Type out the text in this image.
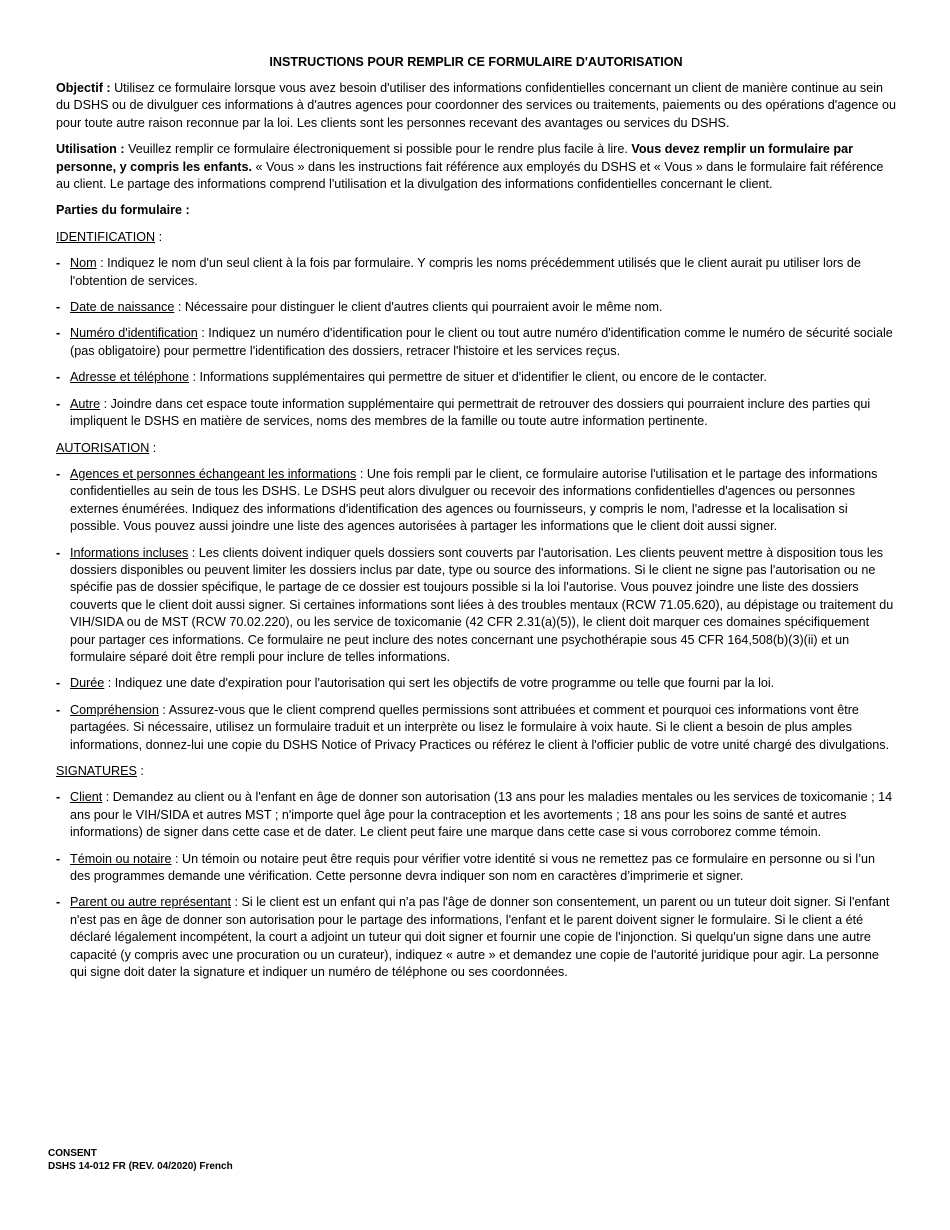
INSTRUCTIONS POUR REMPLIR CE FORMULAIRE D'AUTORISATION

Objectif : Utilisez ce formulaire lorsque vous avez besoin d'utiliser des informations confidentielles concernant un client de manière continue au sein du DSHS ou de divulguer ces informations à d'autres agences pour coordonner des services ou traitements, paiements ou des opérations d'agence ou pour toute autre raison reconnue par la loi. Les clients sont les personnes recevant des avantages ou services du DSHS.

Utilisation : Veuillez remplir ce formulaire électroniquement si possible pour le rendre plus facile à lire. Vous devez remplir un formulaire par personne, y compris les enfants. « Vous » dans les instructions fait référence aux employés du DSHS et « Vous » dans le formulaire fait référence au client. Le partage des informations comprend l'utilisation et la divulgation des informations confidentielles concernant le client.

Parties du formulaire :

IDENTIFICATION :
- Nom : Indiquez le nom d'un seul client à la fois par formulaire. Y compris les noms précédemment utilisés que le client aurait pu utiliser lors de l'obtention de services.
- Date de naissance : Nécessaire pour distinguer le client d'autres clients qui pourraient avoir le même nom.
- Numéro d'identification : Indiquez un numéro d'identification pour le client ou tout autre numéro d'identification comme le numéro de sécurité sociale (pas obligatoire) pour permettre l'identification des dossiers, retracer l'histoire et les services reçus.
- Adresse et téléphone : Informations supplémentaires qui permettre de situer et d'identifier le client, ou encore de le contacter.
- Autre : Joindre dans cet espace toute information supplémentaire qui permettrait de retrouver des dossiers qui pourraient inclure des parties qui impliquent le DSHS en matière de services, noms des membres de la famille ou toute autre information pertinente.
AUTORISATION :
- Agences et personnes échangeant les informations : Une fois rempli par le client, ce formulaire autorise l'utilisation et le partage des informations confidentielles au sein de tous les DSHS. Le DSHS peut alors divulguer ou recevoir des informations confidentielles d'agences ou personnes externes énumérées. Indiquez des informations d'identification des agences ou fournisseurs, y compris le nom, l'adresse et la localisation si possible. Vous pouvez aussi joindre une liste des agences autorisées à partager les informations que le client doit aussi signer.
- Informations incluses : Les clients doivent indiquer quels dossiers sont couverts par l'autorisation. Les clients peuvent mettre à disposition tous les dossiers disponibles ou peuvent limiter les dossiers inclus par date, type ou source des informations. Si le client ne signe pas l'autorisation ou ne spécifie pas de dossier spécifique, le partage de ce dossier est toujours possible si la loi l'autorise. Vous pouvez joindre une liste des dossiers couverts que le client doit aussi signer. Si certaines informations sont liées à des troubles mentaux (RCW 71.05.620), au dépistage ou traitement du VIH/SIDA ou de MST (RCW 70.02.220), ou les service de toxicomanie (42 CFR 2.31(a)(5)), le client doit marquer ces domaines spécifiquement pour partager ces informations. Ce formulaire ne peut inclure des notes concernant une psychothérapie sous 45 CFR 164,508(b)(3)(ii) et un formulaire séparé doit être rempli pour inclure de telles informations.
- Durée : Indiquez une date d'expiration pour l'autorisation qui sert les objectifs de votre programme ou telle que fourni par la loi.
- Compréhension : Assurez-vous que le client comprend quelles permissions sont attribuées et comment et pourquoi ces informations vont être partagées. Si nécessaire, utilisez un formulaire traduit et un interprète ou lisez le formulaire à voix haute. Si le client a besoin de plus amples informations, donnez-lui une copie du DSHS Notice of Privacy Practices ou référez le client à l'officier public de votre unité chargé des divulgations.
SIGNATURES :
- Client : Demandez au client ou à l'enfant en âge de donner son autorisation (13 ans pour les maladies mentales ou les services de toxicomanie ; 14 ans pour le VIH/SIDA et autres MST ; n'importe quel âge pour la contraception et les avortements ; 18 ans pour les soins de santé et autres informations) de signer dans cette case et de dater. Le client peut faire une marque dans cette case si vous corroborez comme témoin.
- Témoin ou notaire : Un témoin ou notaire peut être requis pour vérifier votre identité si vous ne remettez pas ce formulaire en personne ou si l’un des programmes demande une vérification. Cette personne devra indiquer son nom en caractères d’imprimerie et signer.
- Parent ou autre représentant : Si le client est un enfant qui n'a pas l'âge de donner son consentement, un parent ou un tuteur doit signer. Si l'enfant n'est pas en âge de donner son autorisation pour le partage des informations, l'enfant et le parent doivent signer le formulaire. Si le client a été déclaré légalement incompétent, la court a adjoint un tuteur qui doit signer et fournir une copie de l'injonction. Si quelqu'un signe dans une autre capacité (y compris avec une procuration ou un curateur), indiquez « autre » et demandez une copie de l'autorité juridique pour agir. La personne qui signe doit dater la signature et indiquer un numéro de téléphone ou ses coordonnées.
CONSENT
DSHS 14-012 FR (REV. 04/2020) French
